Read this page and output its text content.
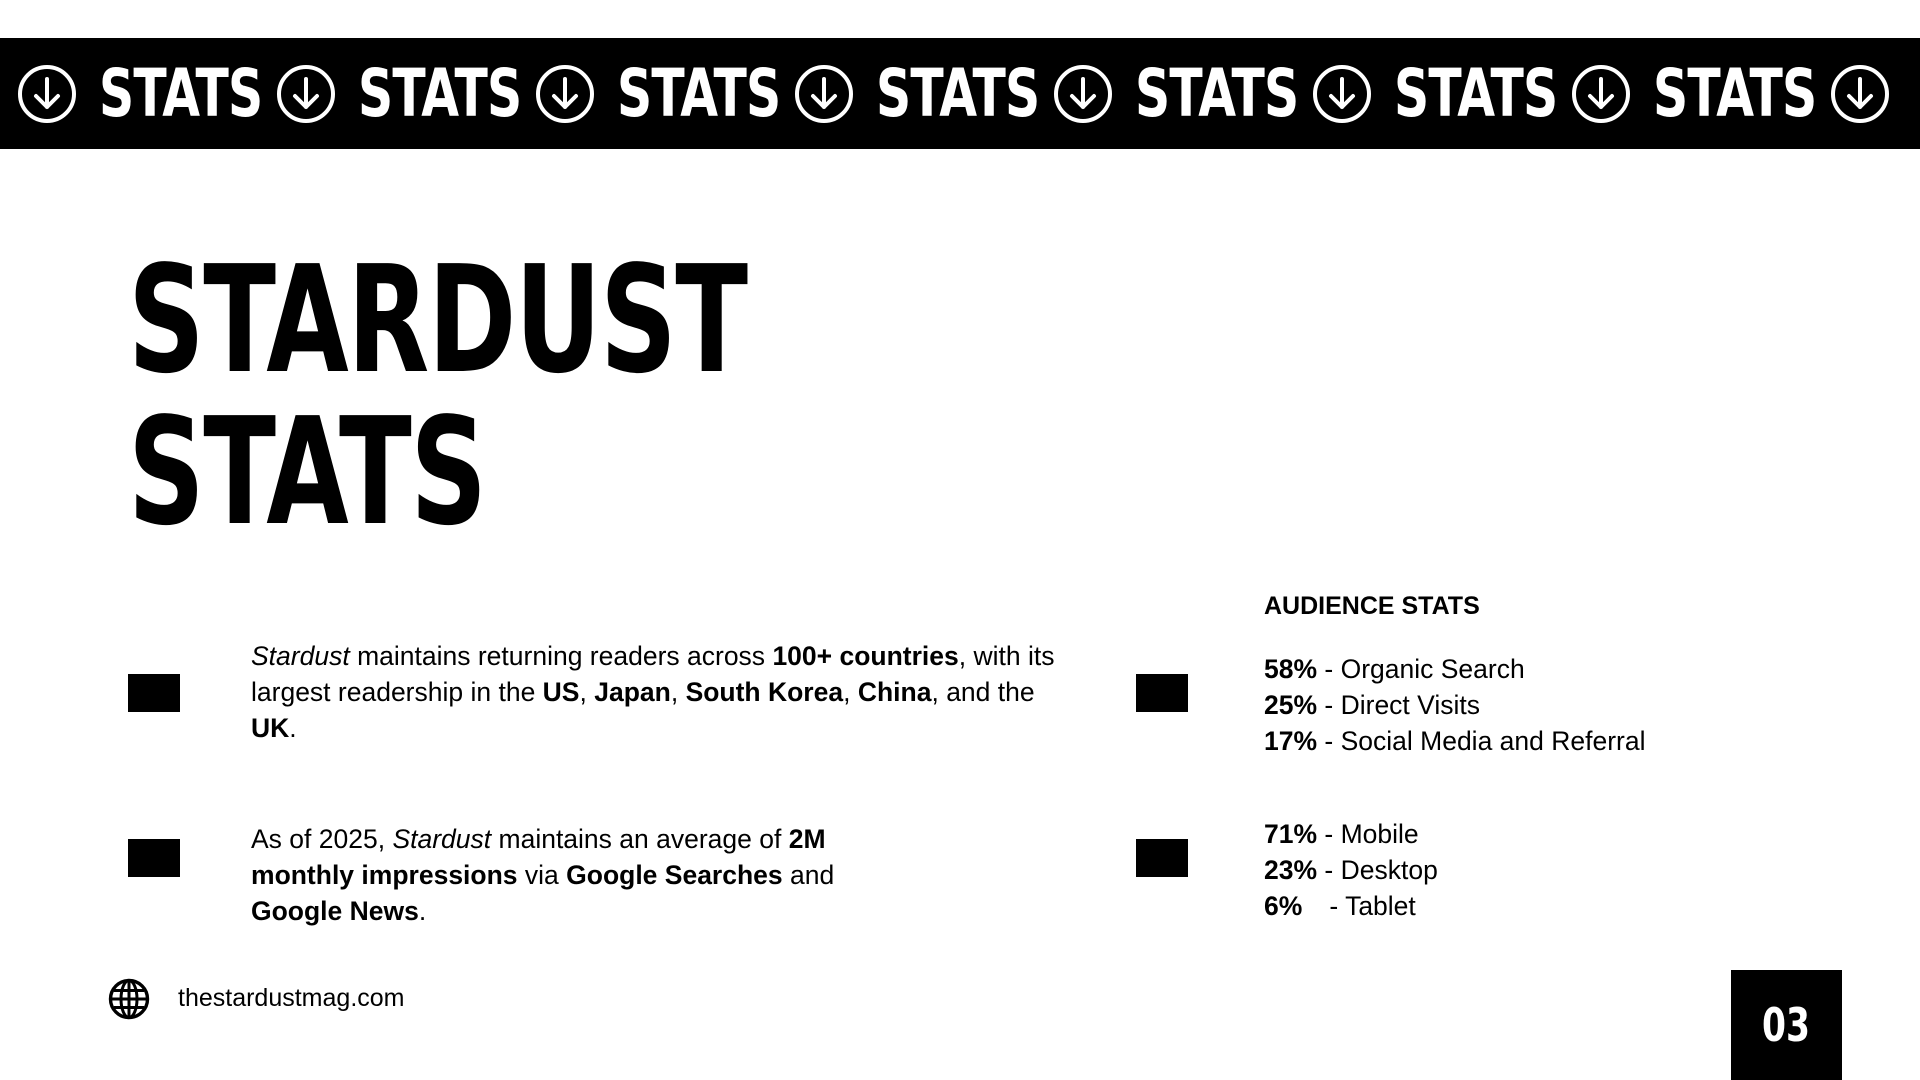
STATS STATS STATS STATS STATS STATS STATS
STARDUST
STATS

Stardust maintains returning readers across 100+ countries, with its largest readership in the US, Japan, South Korea, China, and the UK.

As of 2025, Stardust maintains an average of 2M monthly impressions via Google Searches and Google News.

AUDIENCE STATS
58% - Organic Search
25% - Direct Visits
17% - Social Media and Referral
71% - Mobile
23% - Desktop
6% - Tablet
thestardustmag.com	03
